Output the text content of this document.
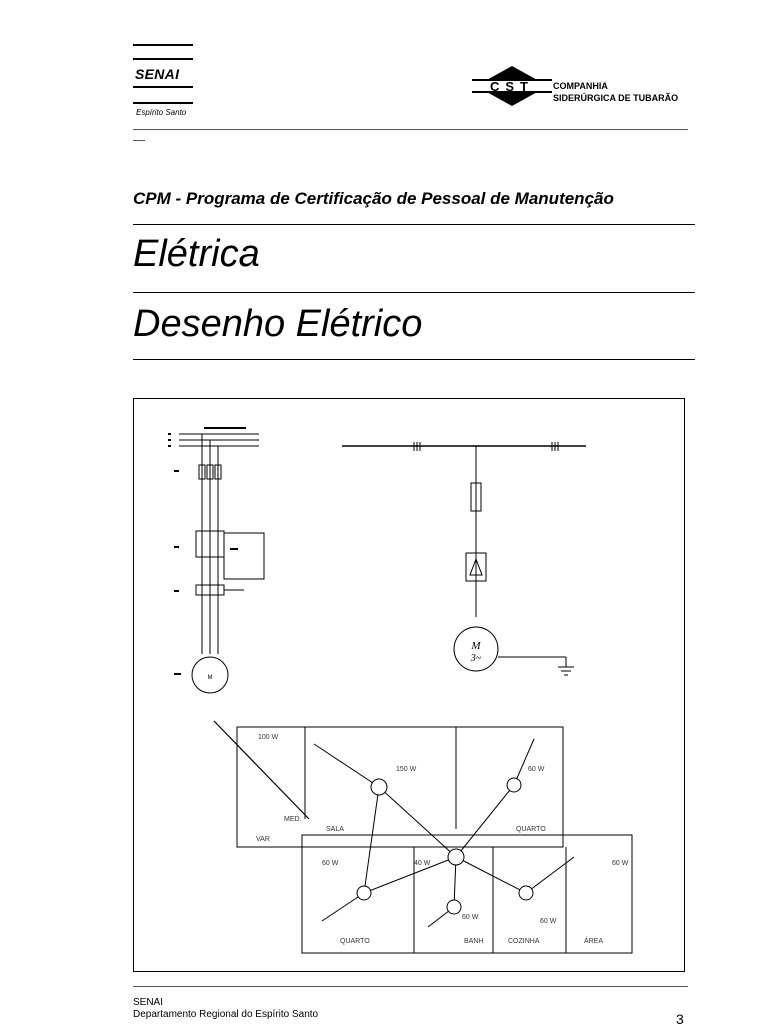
SENAI
Espírito Santo
CST COMPANHIA
SIDERÚRGICA DE TUBARÃO
CPM - Programa de Certificação de Pessoal de Manutenção
Elétrica
Desenho Elétrico
100 W
150 W	60 W
60 W	40 W
60 W
60 W
60 W
VAR
MED.
SALA	QUARTO
QUARTO	BANH	COZINHA	ÁREA
M
M
3~
SENAI
Departamento Regional do Espírito Santo	3
